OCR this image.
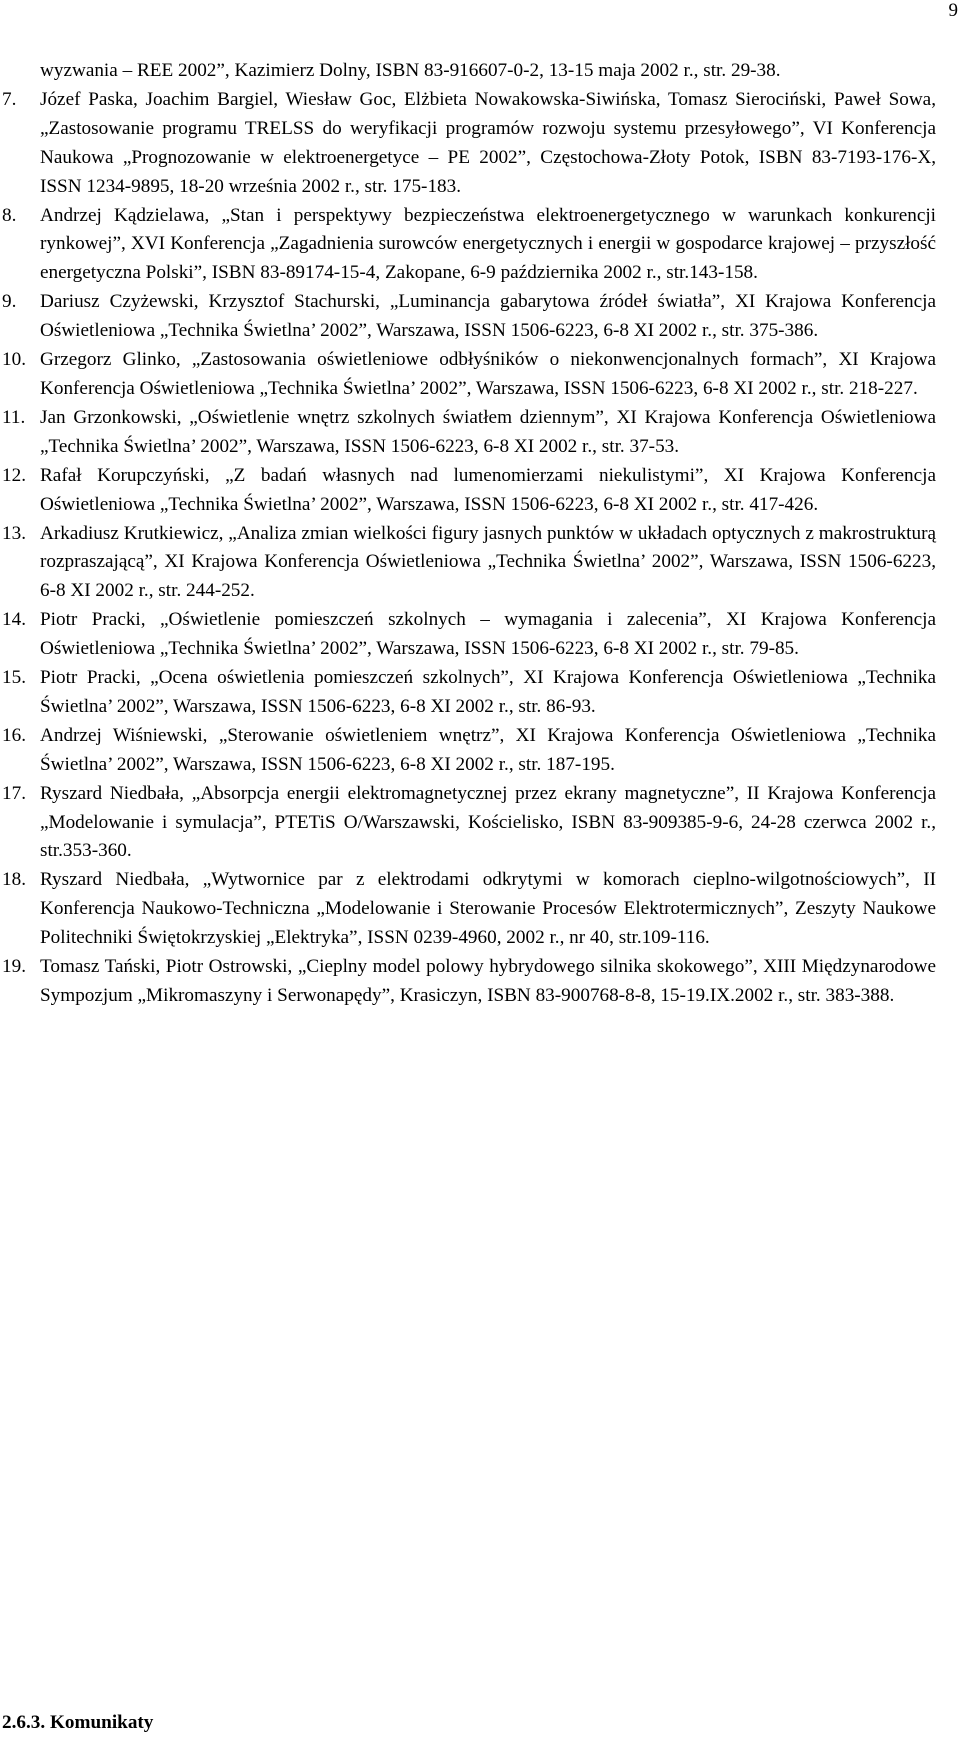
9

wyzwania – REE 2002”, Kazimierz Dolny, ISBN 83-916607-0-2, 13-15 maja 2002 r., str. 29-38.

7.	Józef Paska, Joachim Bargiel, Wiesław Goc, Elżbieta Nowakowska-Siwińska, Tomasz Sierociński, Paweł Sowa, „Zastosowanie programu TRELSS do weryfikacji programów rozwoju systemu przesyłowego”, VI Konferencja Naukowa „Prognozowanie w elektroenergetyce – PE 2002”, Częstochowa-Złoty Potok, ISBN 83-7193-176-X, ISSN 1234-9895, 18-20 września 2002 r., str. 175-183.

8.	Andrzej Kądzielawa, „Stan i perspektywy bezpieczeństwa elektroenergetycznego w warunkach konkurencji rynkowej”, XVI Konferencja „Zagadnienia surowców energetycznych i energii w gospodarce krajowej – przyszłość energetyczna Polski”, ISBN 83-89174-15-4, Zakopane, 6-9 października 2002 r., str.143-158.

9.	Dariusz Czyżewski, Krzysztof Stachurski, „Luminancja gabarytowa źródeł światła”, XI Krajowa Konferencja Oświetleniowa „Technika Świetlna’ 2002”, Warszawa, ISSN 1506-6223, 6-8 XI 2002 r., str. 375-386.

10. Grzegorz Glinko, „Zastosowania oświetleniowe odbłyśników o niekonwencjonalnych formach”, XI Krajowa Konferencja Oświetleniowa „Technika Świetlna’ 2002”, Warszawa, ISSN 1506-6223, 6-8 XI 2002 r., str. 218-227.

11. Jan Grzonkowski, „Oświetlenie wnętrz szkolnych światłem dziennym”, XI Krajowa Konferencja Oświetleniowa „Technika Świetlna’ 2002”, Warszawa, ISSN 1506-6223, 6-8 XI 2002 r., str. 37-53.

12. Rafał Korupczyński, „Z badań własnych nad lumenomierzami niekulistymi”, XI Krajowa Konferencja Oświetleniowa „Technika Świetlna’ 2002”, Warszawa, ISSN 1506-6223, 6-8 XI 2002 r., str. 417-426.

13. Arkadiusz Krutkiewicz, „Analiza zmian wielkości figury jasnych punktów w układach optycznych z makrostrukturą rozpraszającą”, XI Krajowa Konferencja Oświetleniowa „Technika Świetlna’ 2002”, Warszawa, ISSN 1506-6223, 6-8 XI 2002 r., str. 244-252.

14. Piotr Pracki, „Oświetlenie pomieszczeń szkolnych – wymagania i zalecenia”, XI Krajowa Konferencja Oświetleniowa „Technika Świetlna’ 2002”, Warszawa, ISSN 1506-6223, 6-8 XI 2002 r., str. 79-85.

15. Piotr Pracki, „Ocena oświetlenia pomieszczeń szkolnych”, XI Krajowa Konferencja Oświetleniowa „Technika Świetlna’ 2002”, Warszawa, ISSN 1506-6223, 6-8 XI 2002 r., str. 86-93.

16. Andrzej Wiśniewski, „Sterowanie oświetleniem wnętrz”, XI Krajowa Konferencja Oświetleniowa „Technika Świetlna’ 2002”, Warszawa, ISSN 1506-6223, 6-8 XI 2002 r., str. 187-195.

17. Ryszard Niedbała, „Absorpcja energii elektromagnetycznej przez ekrany magnetyczne”, II Krajowa Konferencja „Modelowanie i symulacja”, PTETiS O/Warszawski, Kościelisko, ISBN 83-909385-9-6, 24-28 czerwca 2002 r., str.353-360.

18. Ryszard Niedbała, „Wytwornice par z elektrodami odkrytymi w komorach cieplno-wilgotnościowych”, II Konferencja Naukowo-Techniczna „Modelowanie i Sterowanie Procesów Elektrotermicznych”, Zeszyty Naukowe Politechniki Świętokrzyskiej „Elektryka”, ISSN 0239-4960, 2002 r., nr 40, str.109-116.

19. Tomasz Tański, Piotr Ostrowski, „Cieplny model polowy hybrydowego silnika skokowego”, XIII Międzynarodowe Sympozjum „Mikromaszyny i Serwonapędy”, Krasiczyn, ISBN 83-900768-8-8, 15-19.IX.2002 r., str. 383-388.

2.6.3. Komunikaty
